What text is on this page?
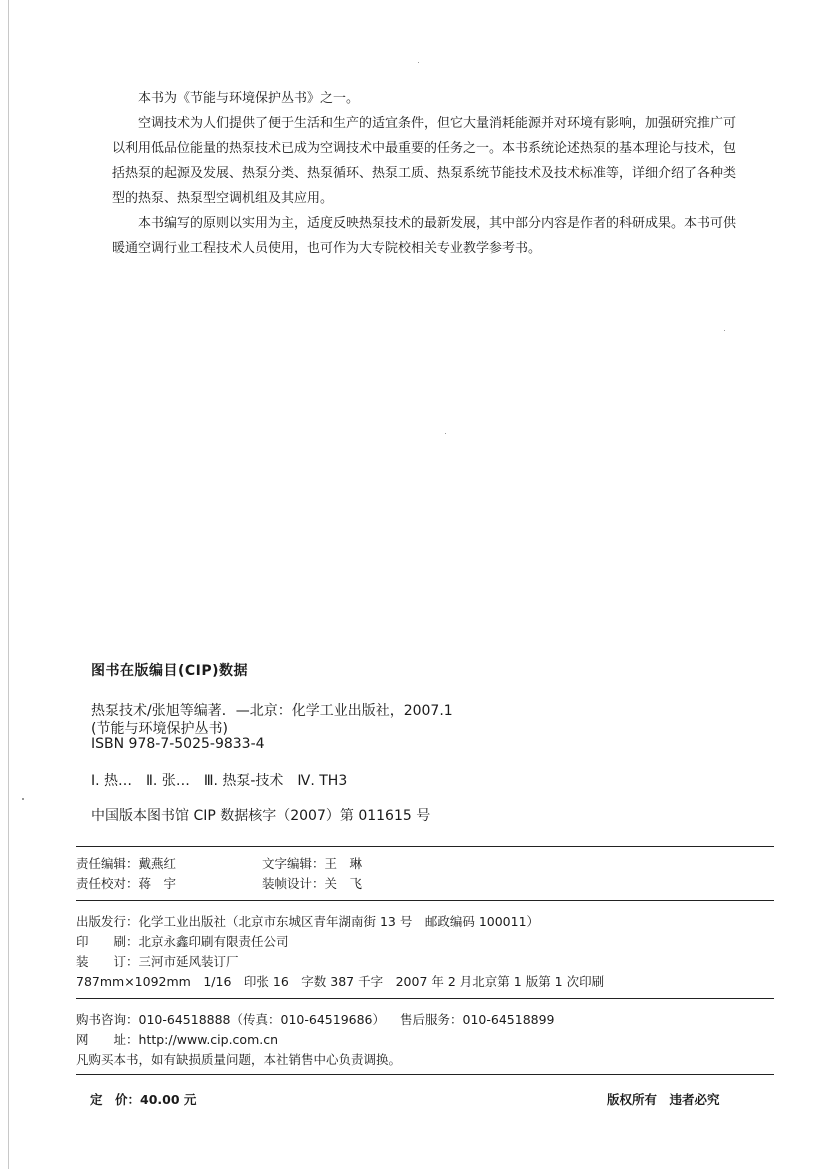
本书为《节能与环境保护丛书》之一。

空调技术为人们提供了便于生活和生产的适宜条件，但它大量消耗能源并对环境有影响，加强研究推广可以利用低品位能量的热泵技术已成为空调技术中最重要的任务之一。本书系统论述热泵的基本理论与技术，包括热泵的起源及发展、热泵分类、热泵循环、热泵工质、热泵系统节能技术及技术标准等，详细介绍了各种类型的热泵、热泵型空调机组及其应用。

本书编写的原则以实用为主，适度反映热泵技术的最新发展，其中部分内容是作者的科研成果。本书可供暖通空调行业工程技术人员使用，也可作为大专院校相关专业教学参考书。

图书在版编目(CIP)数据
热泵技术/张旭等编著．—北京：化学工业出版社，2007.1
(节能与环境保护丛书)
ISBN 978-7-5025-9833-4
Ⅰ. 热…　Ⅱ. 张…　Ⅲ. 热泵-技术　Ⅳ. TH3
中国版本图书馆 CIP 数据核字（2007）第 011615 号
责任编辑：戴燕红	文字编辑：王　琳
责任校对：蒋　宇	装帧设计：关　飞
出版发行：化学工业出版社（北京市东城区青年湖南街 13 号　邮政编码 100011）
印　　刷：北京永鑫印刷有限责任公司
装　　订：三河市延风装订厂
787mm×1092mm　1/16　印张 16　字数 387 千字　2007 年 2 月北京第 1 版第 1 次印刷
购书咨询：010-64518888（传真：010-64519686） 售后服务：010-64518899
网　　址：http://www.cip.com.cn
凡购买本书，如有缺损质量问题，本社销售中心负责调换。
定　价：40.00 元	版权所有　违者必究
